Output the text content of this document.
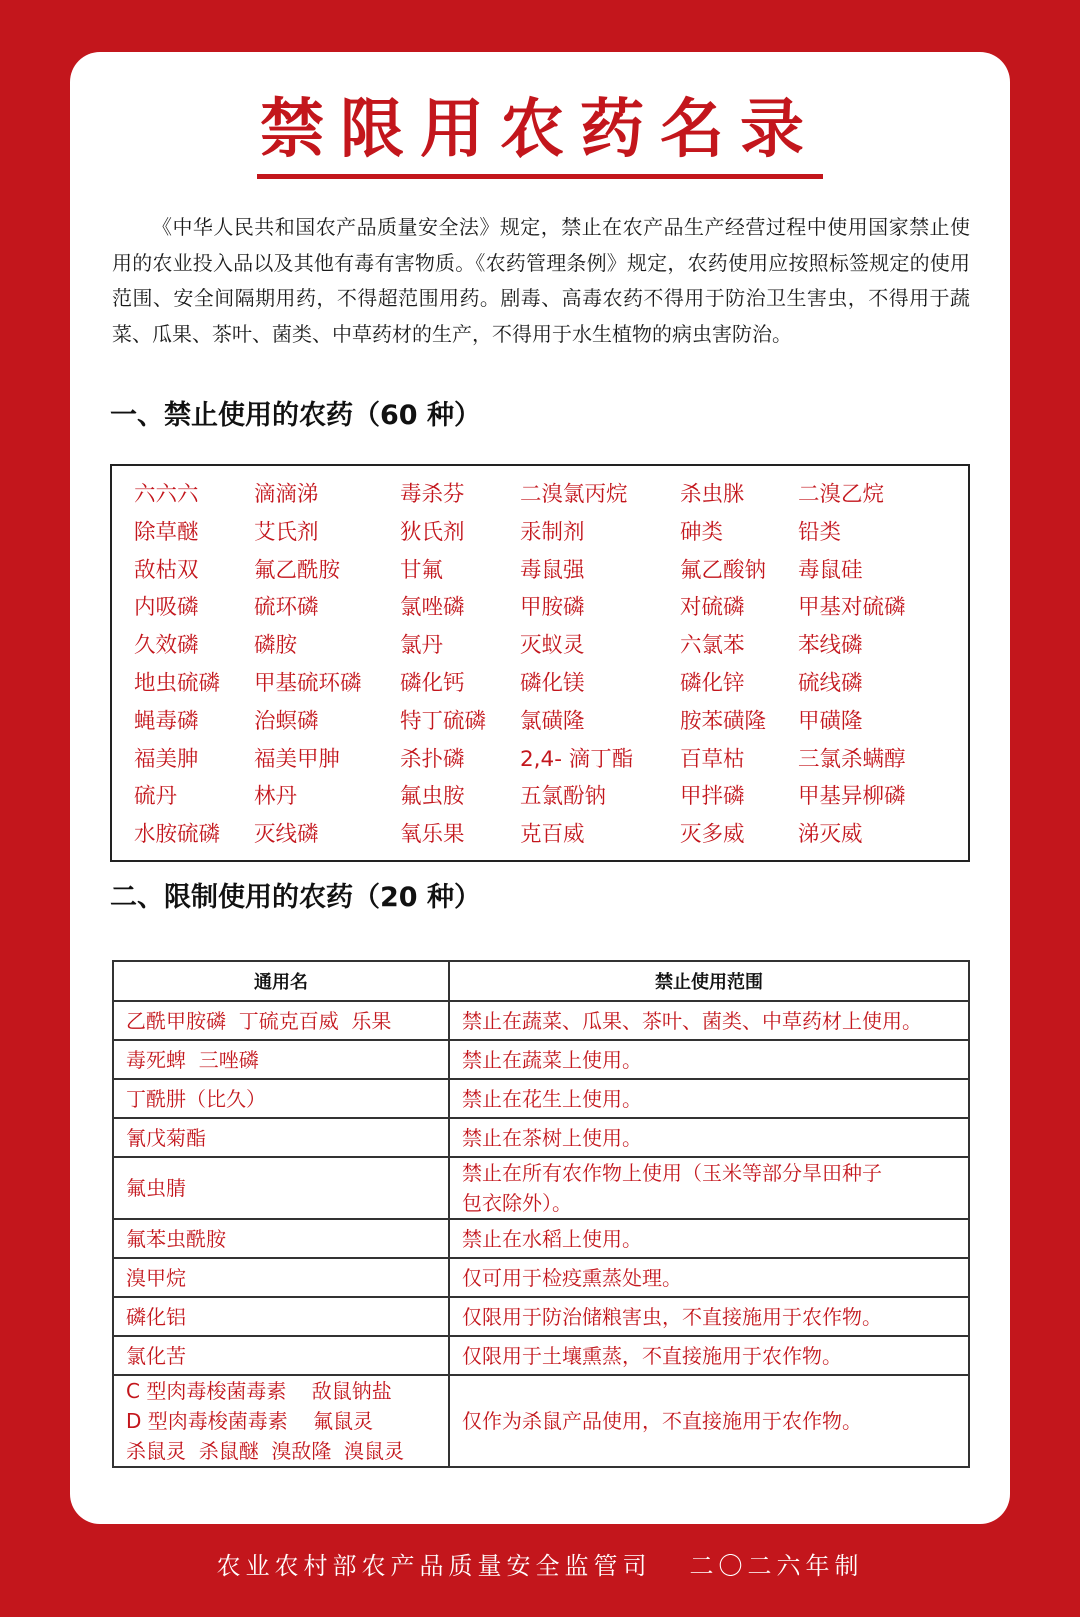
禁限用农药名录

《中华人民共和国农产品质量安全法》规定，禁止在农产品生产经营过程中使用国家禁止使用的农业投入品以及其他有毒有害物质。《农药管理条例》规定，农药使用应按照标签规定的使用范围、安全间隔期用药，不得超范围用药。剧毒、高毒农药不得用于防治卫生害虫，不得用于蔬菜、瓜果、茶叶、菌类、中草药材的生产，不得用于水生植物的病虫害防治。

一、禁止使用的农药（60 种）
六六六	滴滴涕	毒杀芬	二溴氯丙烷 杀虫脒 二溴乙烷
除草醚	艾氏剂	狄氏剂	汞制剂	砷类	铅类
敌枯双	氟乙酰胺	甘氟	毒鼠强	氟乙酸钠 毒鼠硅
内吸磷	硫环磷	氯唑磷	甲胺磷	对硫磷 甲基对硫磷
久效磷	磷胺	氯丹	灭蚁灵	六氯苯 苯线磷
地虫硫磷 甲基硫环磷 磷化钙	磷化镁	磷化锌 硫线磷
蝇毒磷	治螟磷	特丁硫磷 氯磺隆	胺苯磺隆 甲磺隆
福美胂	福美甲胂	杀扑磷	2,4- 滴丁酯 百草枯 三氯杀螨醇
硫丹	林丹	氟虫胺	五氯酚钠	甲拌磷 甲基异柳磷
水胺硫磷 灭线磷	氧乐果	克百威	灭多威 涕灭威
二、限制使用的农药（20 种）
通用名	禁止使用范围

乙酰甲胺磷  丁硫克百威  乐果	禁止在蔬菜、瓜果、茶叶、菌类、中草药材上使用。

毒死蜱  三唑磷	禁止在蔬菜上使用。

丁酰肼（比久）	禁止在花生上使用。

氰戊菊酯	禁止在茶树上使用。

氟虫腈	禁止在所有农作物上使用（玉米等部分旱田种子
包衣除外）。

氟苯虫酰胺	禁止在水稻上使用。

溴甲烷	仅可用于检疫熏蒸处理。

磷化铝	仅限用于防治储粮害虫，不直接施用于农作物。

氯化苦	仅限用于土壤熏蒸，不直接施用于农作物。

C 型肉毒梭菌毒素    敌鼠钠盐
D 型肉毒梭菌毒素    氟鼠灵
杀鼠灵  杀鼠醚  溴敌隆  溴鼠灵	仅作为杀鼠产品使用，不直接施用于农作物。
农业农村部农产品质量安全监管司 二〇二六年制
